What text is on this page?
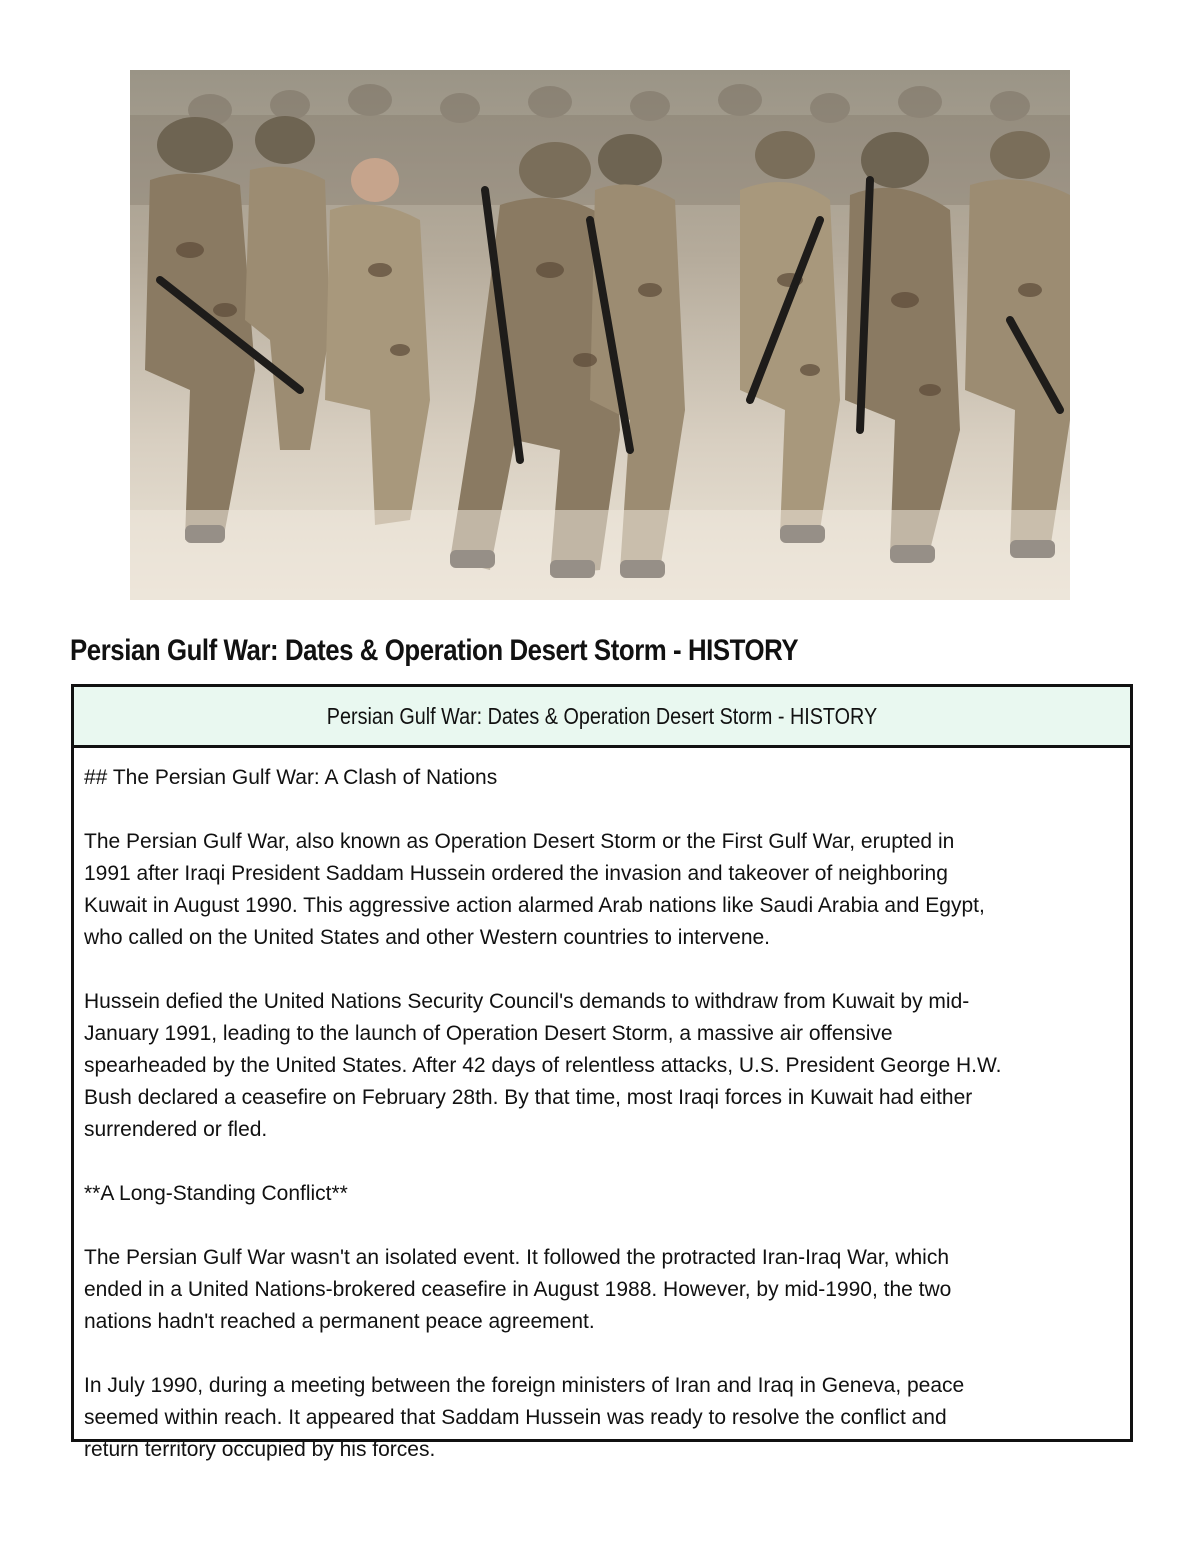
Persian Gulf War: Dates & Operation Desert Storm - HISTORY
Persian Gulf War: Dates & Operation Desert Storm - HISTORY

## The Persian Gulf War: A Clash of Nations

The Persian Gulf War, also known as Operation Desert Storm or the First Gulf War, erupted in
1991 after Iraqi President Saddam Hussein ordered the invasion and takeover of neighboring
Kuwait in August 1990. This aggressive action alarmed Arab nations like Saudi Arabia and Egypt,
who called on the United States and other Western countries to intervene.

Hussein defied the United Nations Security Council's demands to withdraw from Kuwait by mid-
January 1991, leading to the launch of Operation Desert Storm, a massive air offensive
spearheaded by the United States. After 42 days of relentless attacks, U.S. President George H.W.
Bush declared a ceasefire on February 28th. By that time, most Iraqi forces in Kuwait had either
surrendered or fled.

**A Long-Standing Conflict**

The Persian Gulf War wasn't an isolated event. It followed the protracted Iran-Iraq War, which
ended in a United Nations-brokered ceasefire in August 1988. However, by mid-1990, the two
nations hadn't reached a permanent peace agreement.

In July 1990, during a meeting between the foreign ministers of Iran and Iraq in Geneva, peace
seemed within reach. It appeared that Saddam Hussein was ready to resolve the conflict and
return territory occupied by his forces.
